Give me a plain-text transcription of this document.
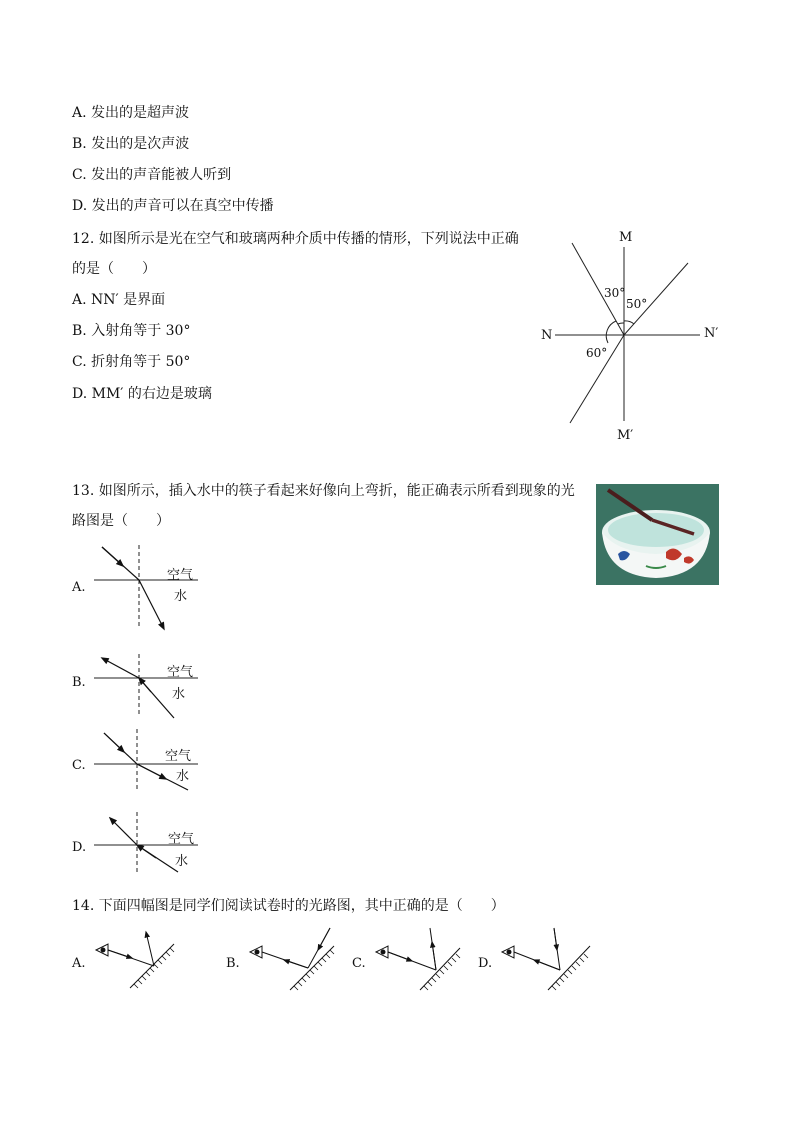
A. 发出的是超声波
B. 发出的是次声波
C. 发出的声音能被人听到
D. 发出的声音可以在真空中传播
12. 如图所示是光在空气和玻璃两种介质中传播的情形，下列说法中正确
的是（　　）
A. NN′ 是界面
B. 入射角等于 30°
C. 折射角等于 50°
D. MM′ 的右边是玻璃
M
M′
N	N′
30°
50°
60°
13. 如图所示，插入水中的筷子看起来好像向上弯折，能正确表示所看到现象的光
路图是（　　）
A.
空气
水
B.
空气
水
C.
空气
水
D.
空气
水
14. 下面四幅图是同学们阅读试卷时的光路图，其中正确的是（　　）
A.	B.	C.	D.
